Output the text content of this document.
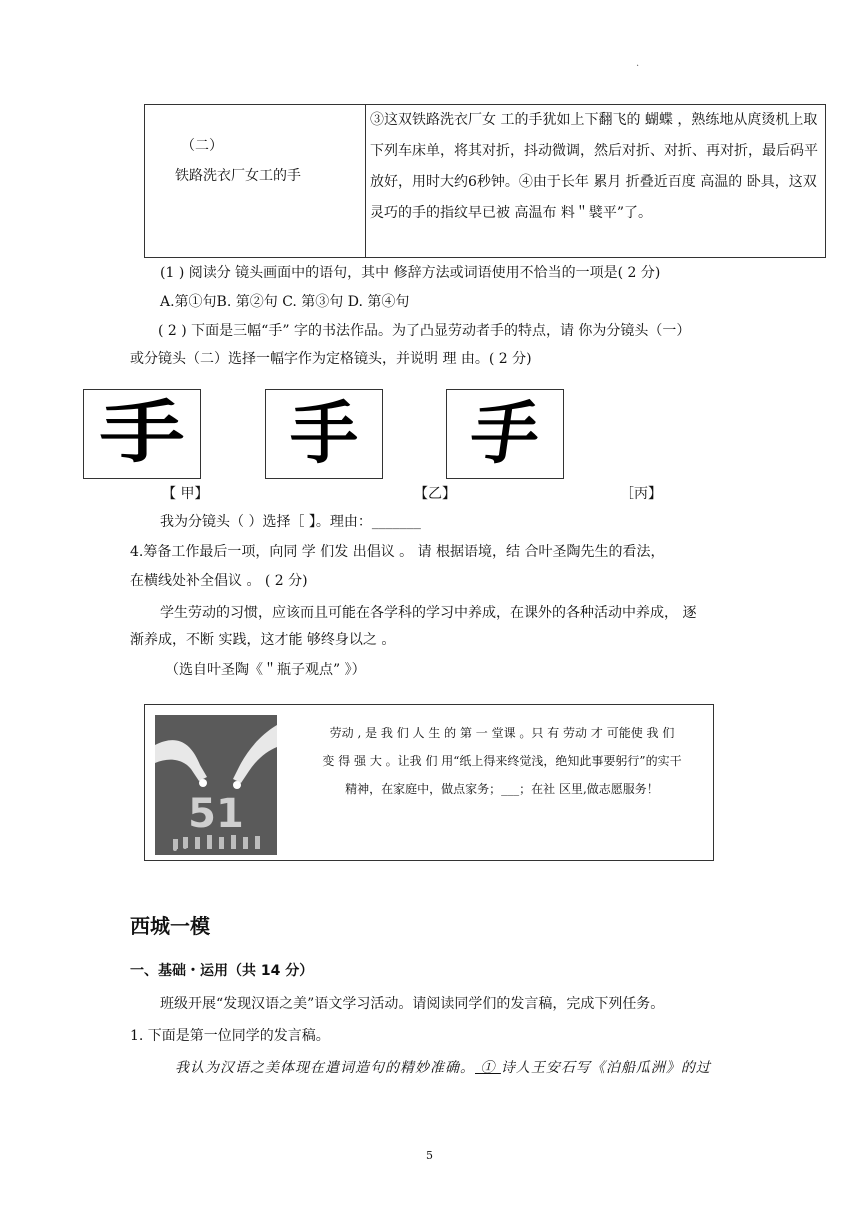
.
（二）
铁路洗衣厂女工的手
③这双铁路洗衣厂女 工的手犹如上下翻飞的 蝴蝶 ，熟练地从庹烫机上取下列车床单，将其对折，抖动微调，然后对折、对折、再对折，最后码平放好，用时大约6秒钟。④由于长年 累月 折叠近百度 高温的 卧具，这双灵巧的手的指纹早已被 高温布 料＂襞平”了。
(1 ) 阅读分 镜头画面中的语句，其中 修辞方法或词语使用不恰当的一项是( 2 分)
A.第①句B. 第②句 C. 第③句 D. 第④句
( 2 ) 下面是三幅“手” 字的书法作品。为了凸显劳动者手的特点，请 你为分镜头（一）
或分镜头（二）选择一幅字作为定格镜头，并说明 理 由。( 2 分)
手 手 手
【 甲】	【乙】	［丙】
我为分镜头（ ）选择［ 】。理由：_______
4.筹备工作最后一项，向同 学 们发 出倡议 。 请 根据语境，结 合叶圣陶先生的看法，
在横线处补全倡议 。 ( 2 分)
学生劳动的习惯，应该而且可能在各学科的学习中养成，在课外的各种活动中养成， 逐
渐养成，不断 实践，这才能 够终身以之 。
（选自叶圣陶《＂瓶子观点” 》）
51
劳动 , 是 我 们 人 生 的 第 一 堂课 。只 有 劳动 才 可能使 我 们
变 得 强 大 。让我 们 用“纸上得来终觉浅，绝知此事要躬行”的实干
精神，在家庭中，做点家务；___；在社 区里,做志愿服务！
西城一模
一、基础・运用（共 14 分）
班级开展“发现汉语之美”语文学习活动。请阅读同学们的发言稿，完成下列任务。
1. 下面是第一位同学的发言稿。
我认为汉语之美体现在遣词造句的精妙准确。 ① 诗人王安石写《泊船瓜洲》的过
5
